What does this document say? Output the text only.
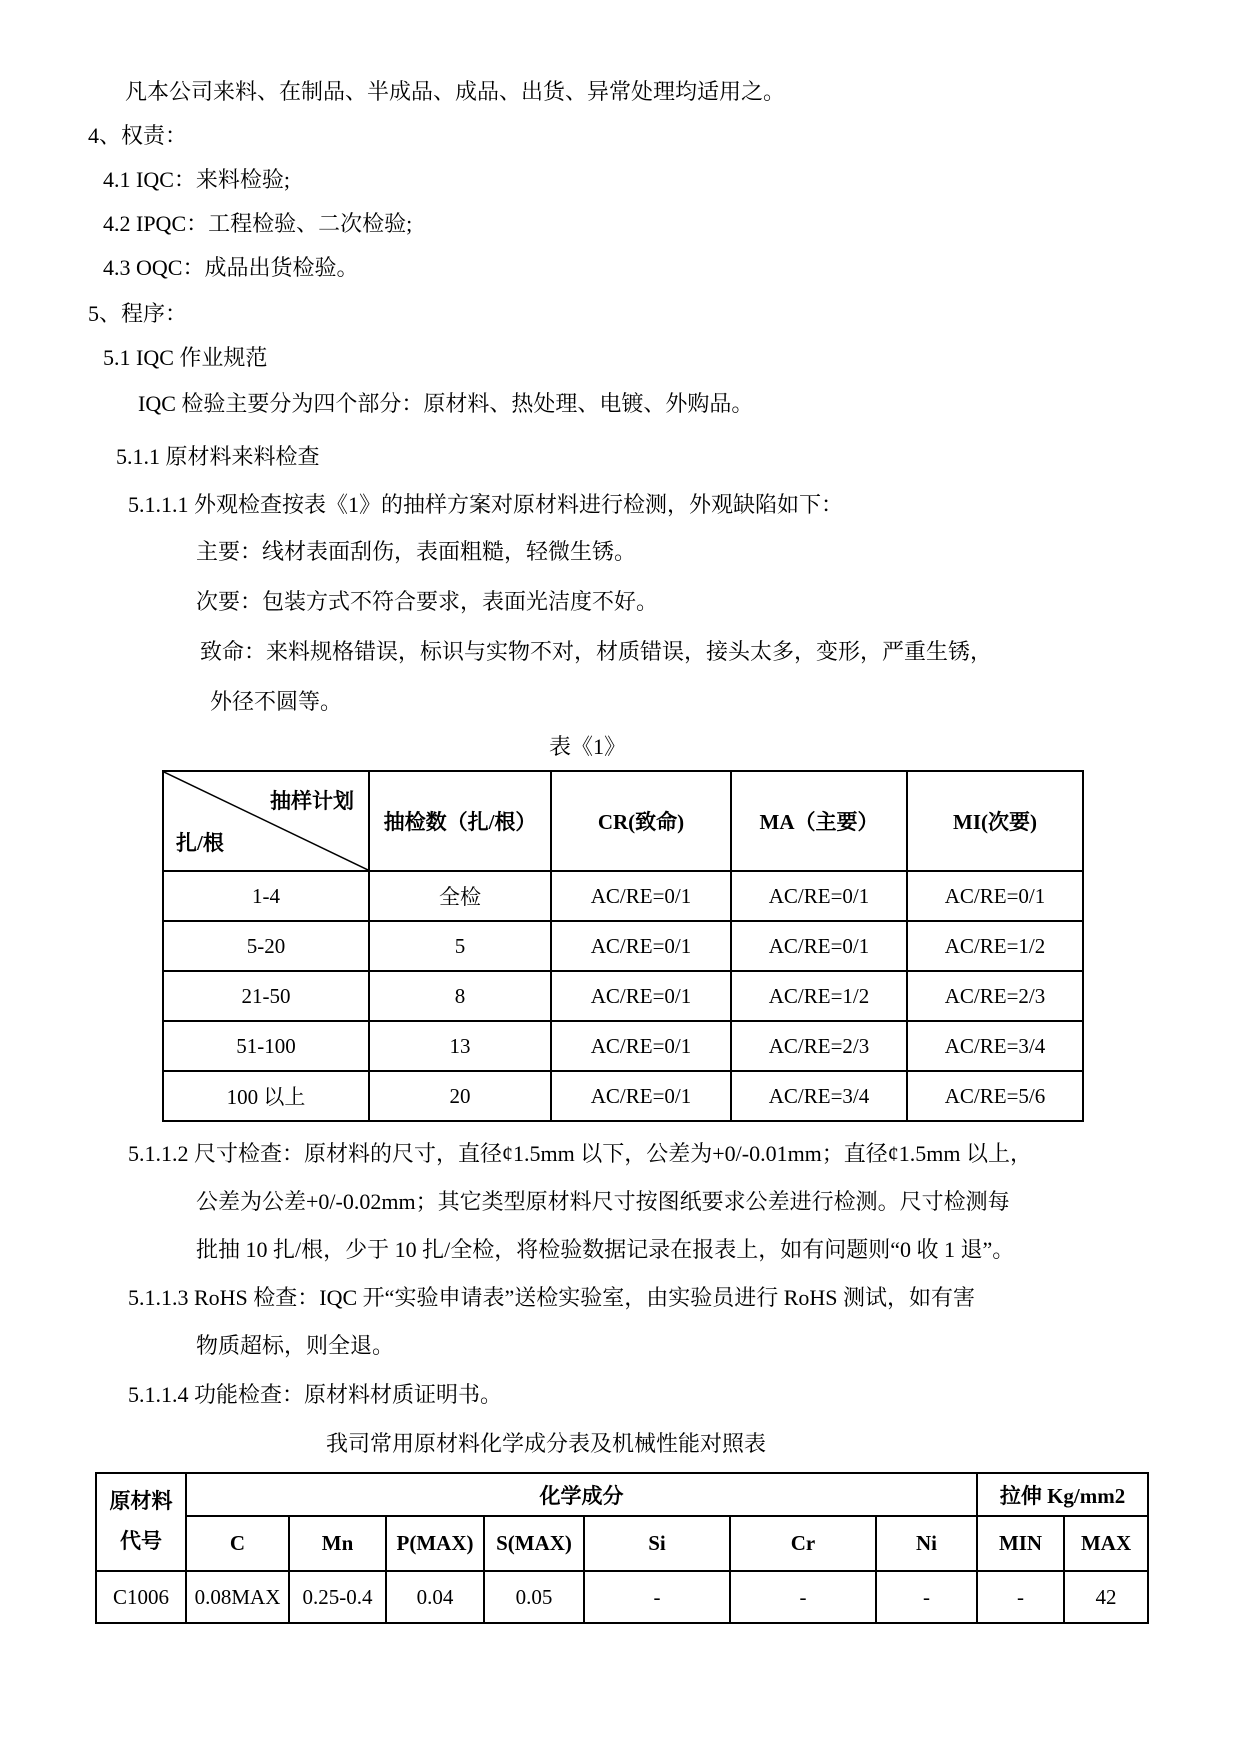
凡本公司来料、在制品、半成品、成品、出货、异常处理均适用之。
4、权责：
4.1 IQC：来料检验;
4.2 IPQC：工程检验、二次检验;
4.3 OQC：成品出货检验。
5、程序：
5.1 IQC 作业规范
IQC 检验主要分为四个部分：原材料、热处理、电镀、外购品。
5.1.1 原材料来料检查
5.1.1.1 外观检查按表《1》的抽样方案对原材料进行检测，外观缺陷如下：
主要：线材表面刮伤，表面粗糙，轻微生锈。
次要：包装方式不符合要求，表面光洁度不好。
致命：来料规格错误，标识与实物不对，材质错误，接头太多，变形，严重生锈，
外径不圆等。
表《1》
抽样计划
扎/根	抽检数（扎/根）	CR(致命)	MA（主要）	MI(次要)
1-4	全检	AC/RE=0/1	AC/RE=0/1	AC/RE=0/1
5-20	5	AC/RE=0/1	AC/RE=0/1	AC/RE=1/2
21-50	8	AC/RE=0/1	AC/RE=1/2	AC/RE=2/3
51-100	13	AC/RE=0/1	AC/RE=2/3	AC/RE=3/4
100 以上	20	AC/RE=0/1	AC/RE=3/4	AC/RE=5/6
5.1.1.2 尺寸检查：原材料的尺寸，直径¢1.5mm 以下，公差为+0/-0.01mm；直径¢1.5mm 以上，
公差为公差+0/-0.02mm；其它类型原材料尺寸按图纸要求公差进行检测。尺寸检测每
批抽 10 扎/根，少于 10 扎/全检，将检验数据记录在报表上，如有问题则“0 收 1 退”。
5.1.1.3 RoHS 检查：IQC 开“实验申请表”送检实验室，由实验员进行 RoHS 测试，如有害
物质超标，则全退。
5.1.1.4 功能检查：原材料材质证明书。
我司常用原材料化学成分表及机械性能对照表
原材料
代号	化学成分							拉伸 Kg/mm2	
	C	Mn	P(MAX)	S(MAX)	Si	Cr	Ni	MIN	MAX
C1006	0.08MAX	0.25-0.4	0.04	0.05	-	-	-	-	42
